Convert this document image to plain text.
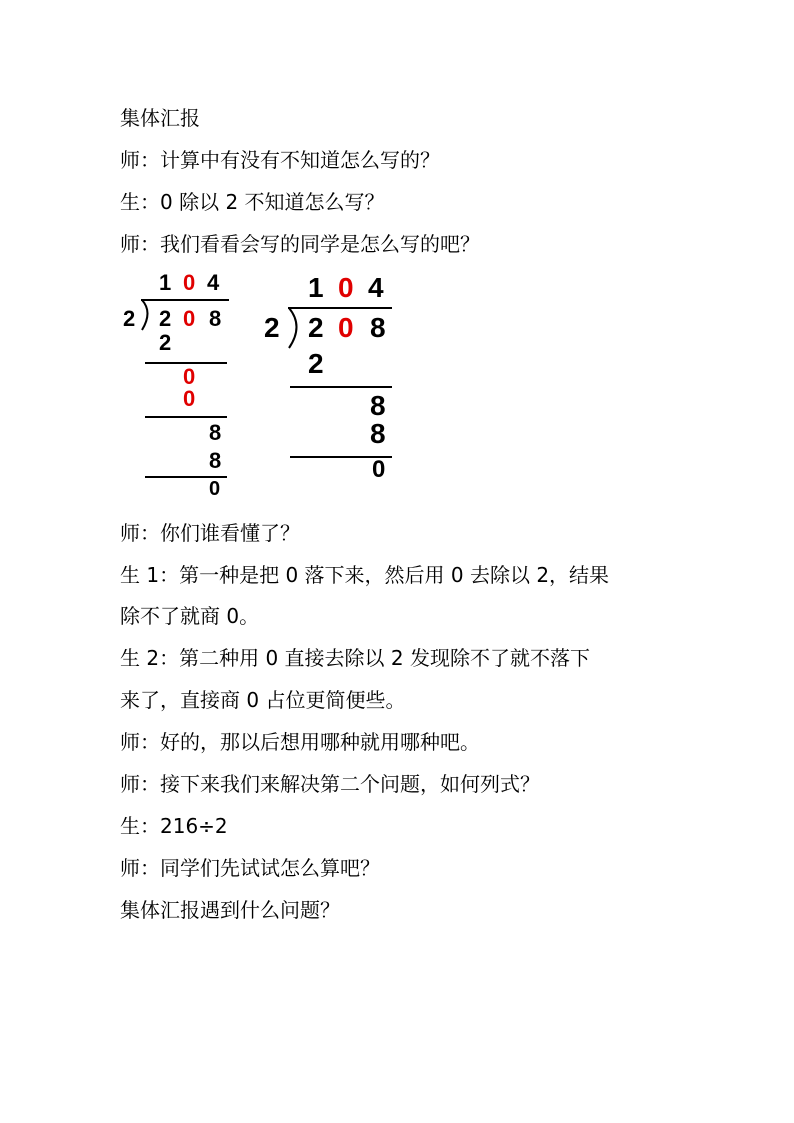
集体汇报
师：计算中有没有不知道怎么写的？
生：0 除以 2 不知道怎么写？
师：我们看看会写的同学是怎么写的吧？
1 0 4
2 2 0 8
2
0
0
8
8
0
1 0 4
2 2 0 8
2
8
8
0
师：你们谁看懂了？
生 1：第一种是把 0 落下来，然后用 0 去除以 2，结果
除不了就商 0。
生 2：第二种用 0 直接去除以 2 发现除不了就不落下
来了，直接商 0 占位更简便些。
师：好的，那以后想用哪种就用哪种吧。
师：接下来我们来解决第二个问题，如何列式？
生：216÷2
师：同学们先试试怎么算吧？
集体汇报遇到什么问题？
